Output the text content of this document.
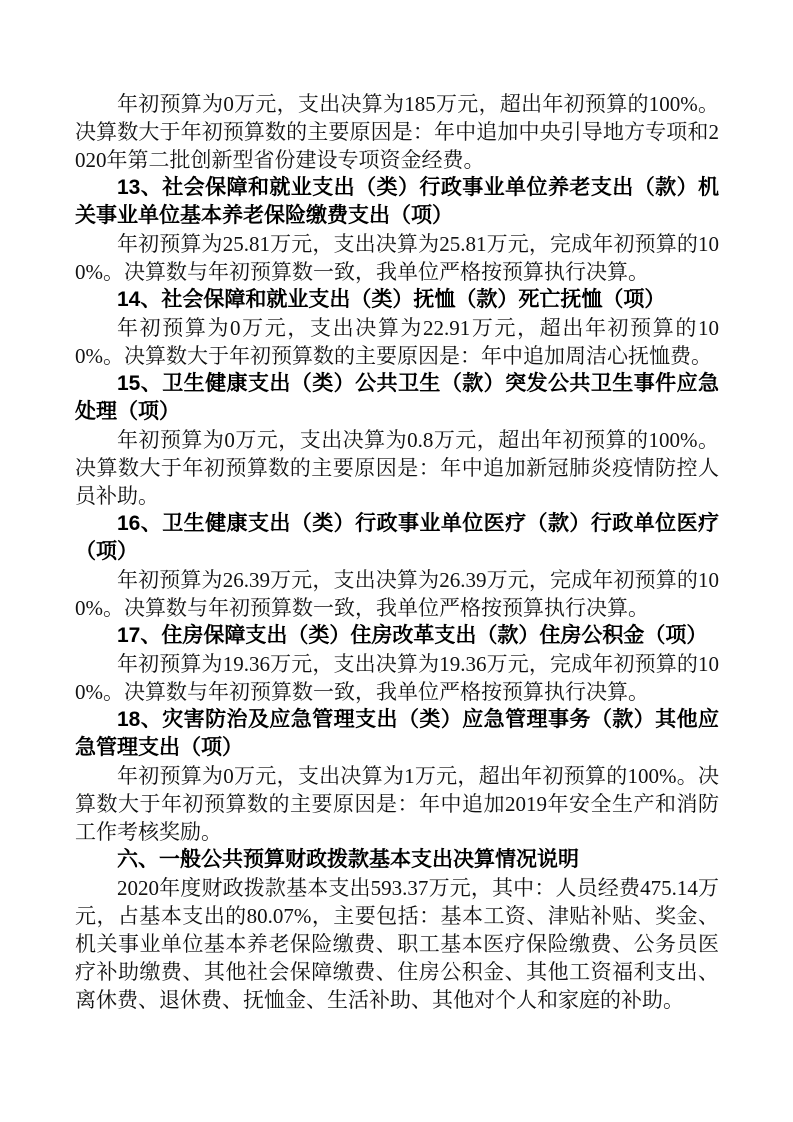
年初预算为0万元，支出决算为185万元，超出年初预算的100%。决算数大于年初预算数的主要原因是：年中追加中央引导地方专项和2020年第二批创新型省份建设专项资金经费。

13、社会保障和就业支出（类）行政事业单位养老支出（款）机关事业单位基本养老保险缴费支出（项）

年初预算为25.81万元，支出决算为25.81万元，完成年初预算的100%。决算数与年初预算数一致，我单位严格按预算执行决算。

14、社会保障和就业支出（类）抚恤（款）死亡抚恤（项）

年初预算为0万元，支出决算为22.91万元，超出年初预算的100%。决算数大于年初预算数的主要原因是：年中追加周洁心抚恤费。

15、卫生健康支出（类）公共卫生（款）突发公共卫生事件应急处理（项）

年初预算为0万元，支出决算为0.8万元，超出年初预算的100%。决算数大于年初预算数的主要原因是：年中追加新冠肺炎疫情防控人员补助。

16、卫生健康支出（类）行政事业单位医疗（款）行政单位医疗（项）

年初预算为26.39万元，支出决算为26.39万元，完成年初预算的100%。决算数与年初预算数一致，我单位严格按预算执行决算。

17、住房保障支出（类）住房改革支出（款）住房公积金（项）

年初预算为19.36万元，支出决算为19.36万元，完成年初预算的100%。决算数与年初预算数一致，我单位严格按预算执行决算。

18、灾害防治及应急管理支出（类）应急管理事务（款）其他应急管理支出（项）

年初预算为0万元，支出决算为1万元，超出年初预算的100%。决算数大于年初预算数的主要原因是：年中追加2019年安全生产和消防工作考核奖励。

六、一般公共预算财政拨款基本支出决算情况说明

2020年度财政拨款基本支出593.37万元，其中：人员经费475.14万元，占基本支出的80.07%，主要包括：基本工资、津贴补贴、奖金、机关事业单位基本养老保险缴费、职工基本医疗保险缴费、公务员医疗补助缴费、其他社会保障缴费、住房公积金、其他工资福利支出、离休费、退休费、抚恤金、生活补助、其他对个人和家庭的补助。
